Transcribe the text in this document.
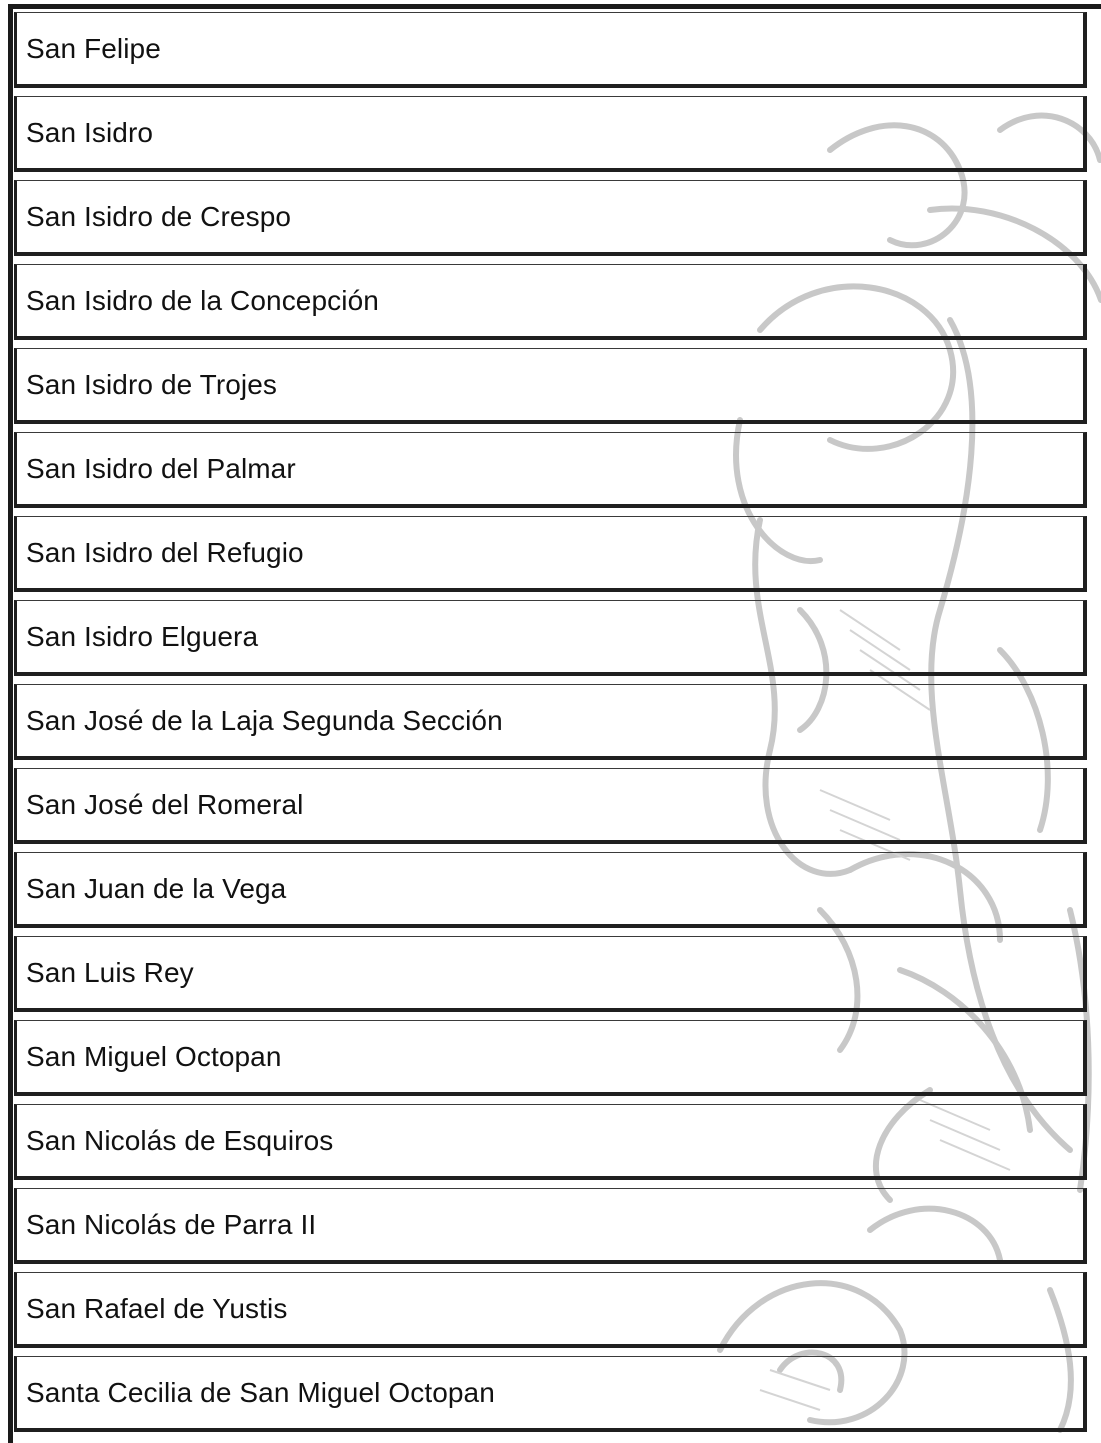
San Felipe
San Isidro
San Isidro de Crespo
San Isidro de la Concepción
San Isidro de Trojes
San Isidro del Palmar
San Isidro del Refugio
San Isidro Elguera
San José de la Laja Segunda Sección
San José del Romeral
San Juan de la Vega
San Luis Rey
San Miguel Octopan
San Nicolás de Esquiros
San Nicolás de Parra II
San Rafael de Yustis
Santa Cecilia de San Miguel Octopan
